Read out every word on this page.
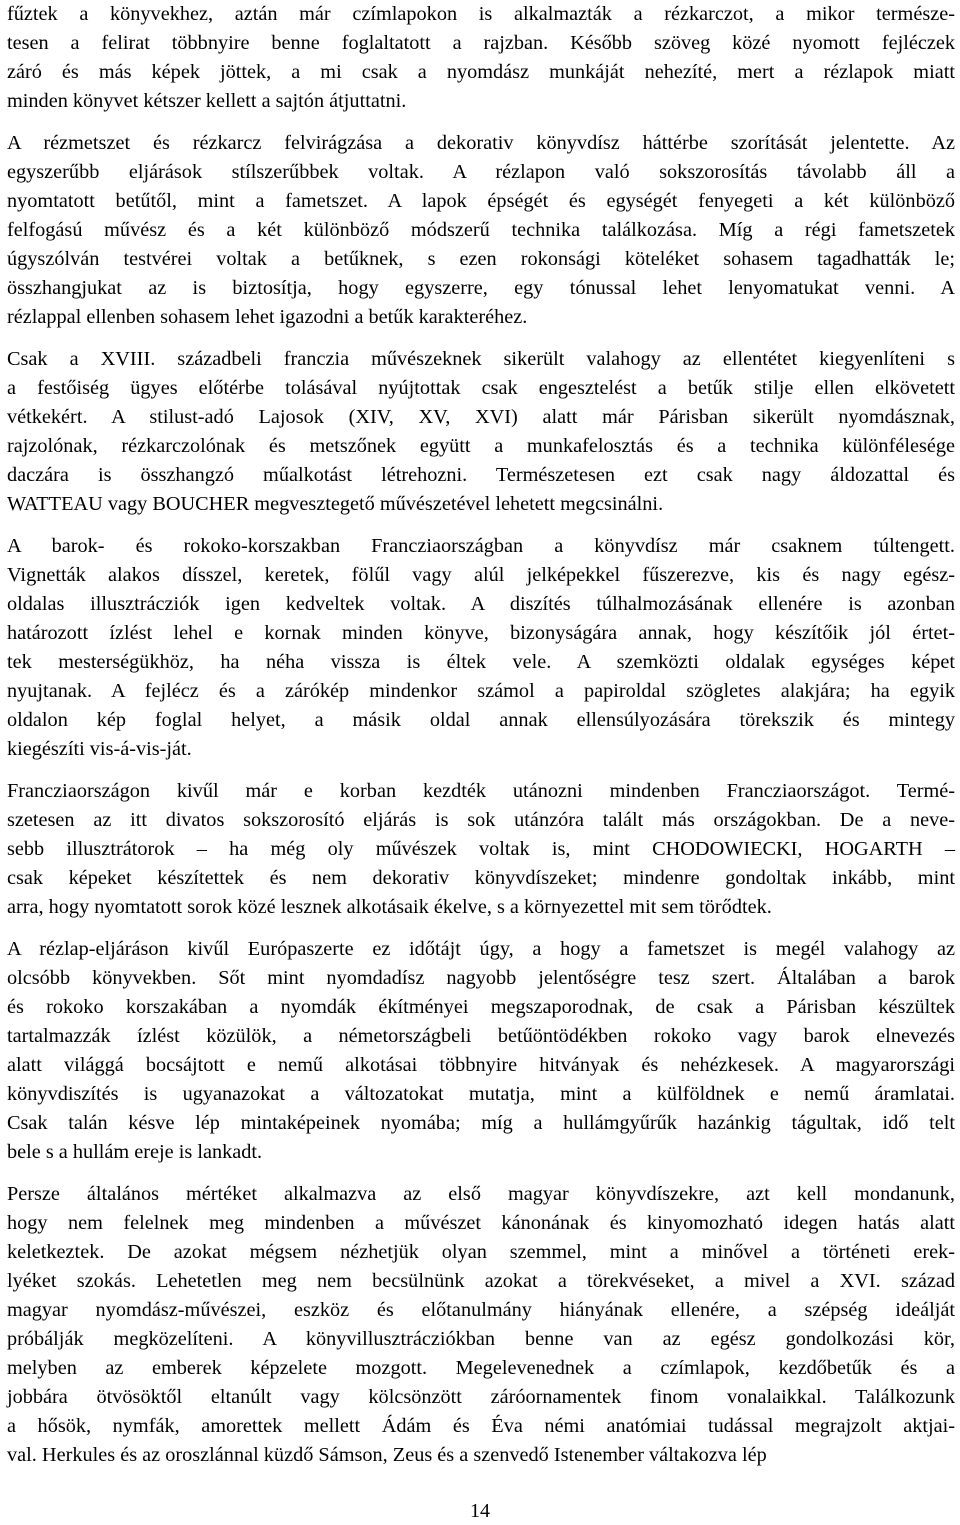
fűztek a könyvekhez, aztán már czímlapokon is alkalmazták a rézkarczot, a mikor természe-
tesen a felirat többnyire benne foglaltatott a rajzban. Később szöveg közé nyomott fejléczek
záró és más képek jöttek, a mi csak a nyomdász munkáját nehezíté, mert a rézlapok miatt
minden könyvet kétszer kellett a sajtón átjuttatni.
A rézmetszet és rézkarcz felvirágzása a dekorativ könyvdísz háttérbe szorítását jelentette. Az
egyszerűbb eljárások stílszerűbbek voltak. A rézlapon való sokszorosítás távolabb áll a
nyomtatott betűtől, mint a fametszet. A lapok épségét és egységét fenyegeti a két különböző
felfogású művész és a két különböző módszerű technika találkozása. Míg a régi fametszetek
úgyszólván testvérei voltak a betűknek, s ezen rokonsági köteléket sohasem tagadhatták le;
összhangjukat az is biztosítja, hogy egyszerre, egy tónussal lehet lenyomatukat venni. A
rézlappal ellenben sohasem lehet igazodni a betűk karakteréhez.
Csak a XVIII. századbeli franczia művészeknek sikerült valahogy az ellentétet kiegyenlíteni s
a festőiség ügyes előtérbe tolásával nyújtottak csak engesztelést a betűk stilje ellen elkövetett
vétkekért. A stilust-adó Lajosok (XIV, XV, XVI) alatt már Párisban sikerült nyomdásznak,
rajzolónak, rézkarczolónak és metszőnek együtt a munkafelosztás és a technika különfélesége
daczára is összhangzó műalkotást létrehozni. Természetesen ezt csak nagy áldozattal és
WATTEAU vagy BOUCHER megvesztegető művészetével lehetett megcsinálni.
A barok- és rokoko-korszakban Francziaországban a könyvdísz már csaknem túltengett.
Vignetták alakos dísszel, keretek, fölűl vagy alúl jelképekkel fűszerezve, kis és nagy egész-
oldalas illusztrácziók igen kedveltek voltak. A diszítés túlhalmozásának ellenére is azonban
határozott ízlést lehel e kornak minden könyve, bizonyságára annak, hogy készítőik jól értet-
tek mesterségükhöz, ha néha vissza is éltek vele. A szemközti oldalak egységes képet
nyujtanak. A fejlécz és a zárókép mindenkor számol a papiroldal szögletes alakjára; ha egyik
oldalon kép foglal helyet, a másik oldal annak ellensúlyozására törekszik és mintegy
kiegészíti vis-á-vis-ját.
Francziaországon kivűl már e korban kezdték utánozni mindenben Francziaországot. Termé-
szetesen az itt divatos sokszorosító eljárás is sok utánzóra talált más országokban. De a neve-
sebb illusztrátorok – ha még oly művészek voltak is, mint CHODOWIECKI, HOGARTH –
csak képeket készítettek és nem dekorativ könyvdíszeket; mindenre gondoltak inkább, mint
arra, hogy nyomtatott sorok közé lesznek alkotásaik ékelve, s a környezettel mit sem törődtek.
A rézlap-eljáráson kivűl Európaszerte ez időtájt úgy, a hogy a fametszet is megél valahogy az
olcsóbb könyvekben. Sőt mint nyomdadísz nagyobb jelentőségre tesz szert. Általában a barok
és rokoko korszakában a nyomdák ékítményei megszaporodnak, de csak a Párisban készültek
tartalmazzák ízlést közülök, a németországbeli betűöntödékben rokoko vagy barok elnevezés
alatt világgá bocsájtott e nemű alkotásai többnyire hitványak és nehézkesek. A magyarországi
könyvdiszítés is ugyanazokat a változatokat mutatja, mint a külföldnek e nemű áramlatai.
Csak talán késve lép mintaképeinek nyomába; míg a hullámgyűrűk hazánkig tágultak, idő telt
bele s a hullám ereje is lankadt.
Persze általános mértéket alkalmazva az első magyar könyvdíszekre, azt kell mondanunk,
hogy nem felelnek meg mindenben a művészet kánonának és kinyomozható idegen hatás alatt
keletkeztek. De azokat mégsem nézhetjük olyan szemmel, mint a minővel a történeti erek-
lyéket szokás. Lehetetlen meg nem becsülnünk azokat a törekvéseket, a mivel a XVI. század
magyar nyomdász-művészei, eszköz és előtanulmány hiányának ellenére, a szépség ideálját
próbálják megközelíteni. A könyvillusztrácziókban benne van az egész gondolkozási kör,
melyben az emberek képzelete mozgott. Megelevenednek a czímlapok, kezdőbetűk és a
jobbára ötvösöktől eltanúlt vagy kölcsönzött záróornamentek finom vonalaikkal. Találkozunk
a hősök, nymfák, amorettek mellett Ádám és Éva némi anatómiai tudással megrajzolt aktjai-
val. Herkules és az oroszlánnal küzdő Sámson, Zeus és a szenvedő Istenember váltakozva lép
14
